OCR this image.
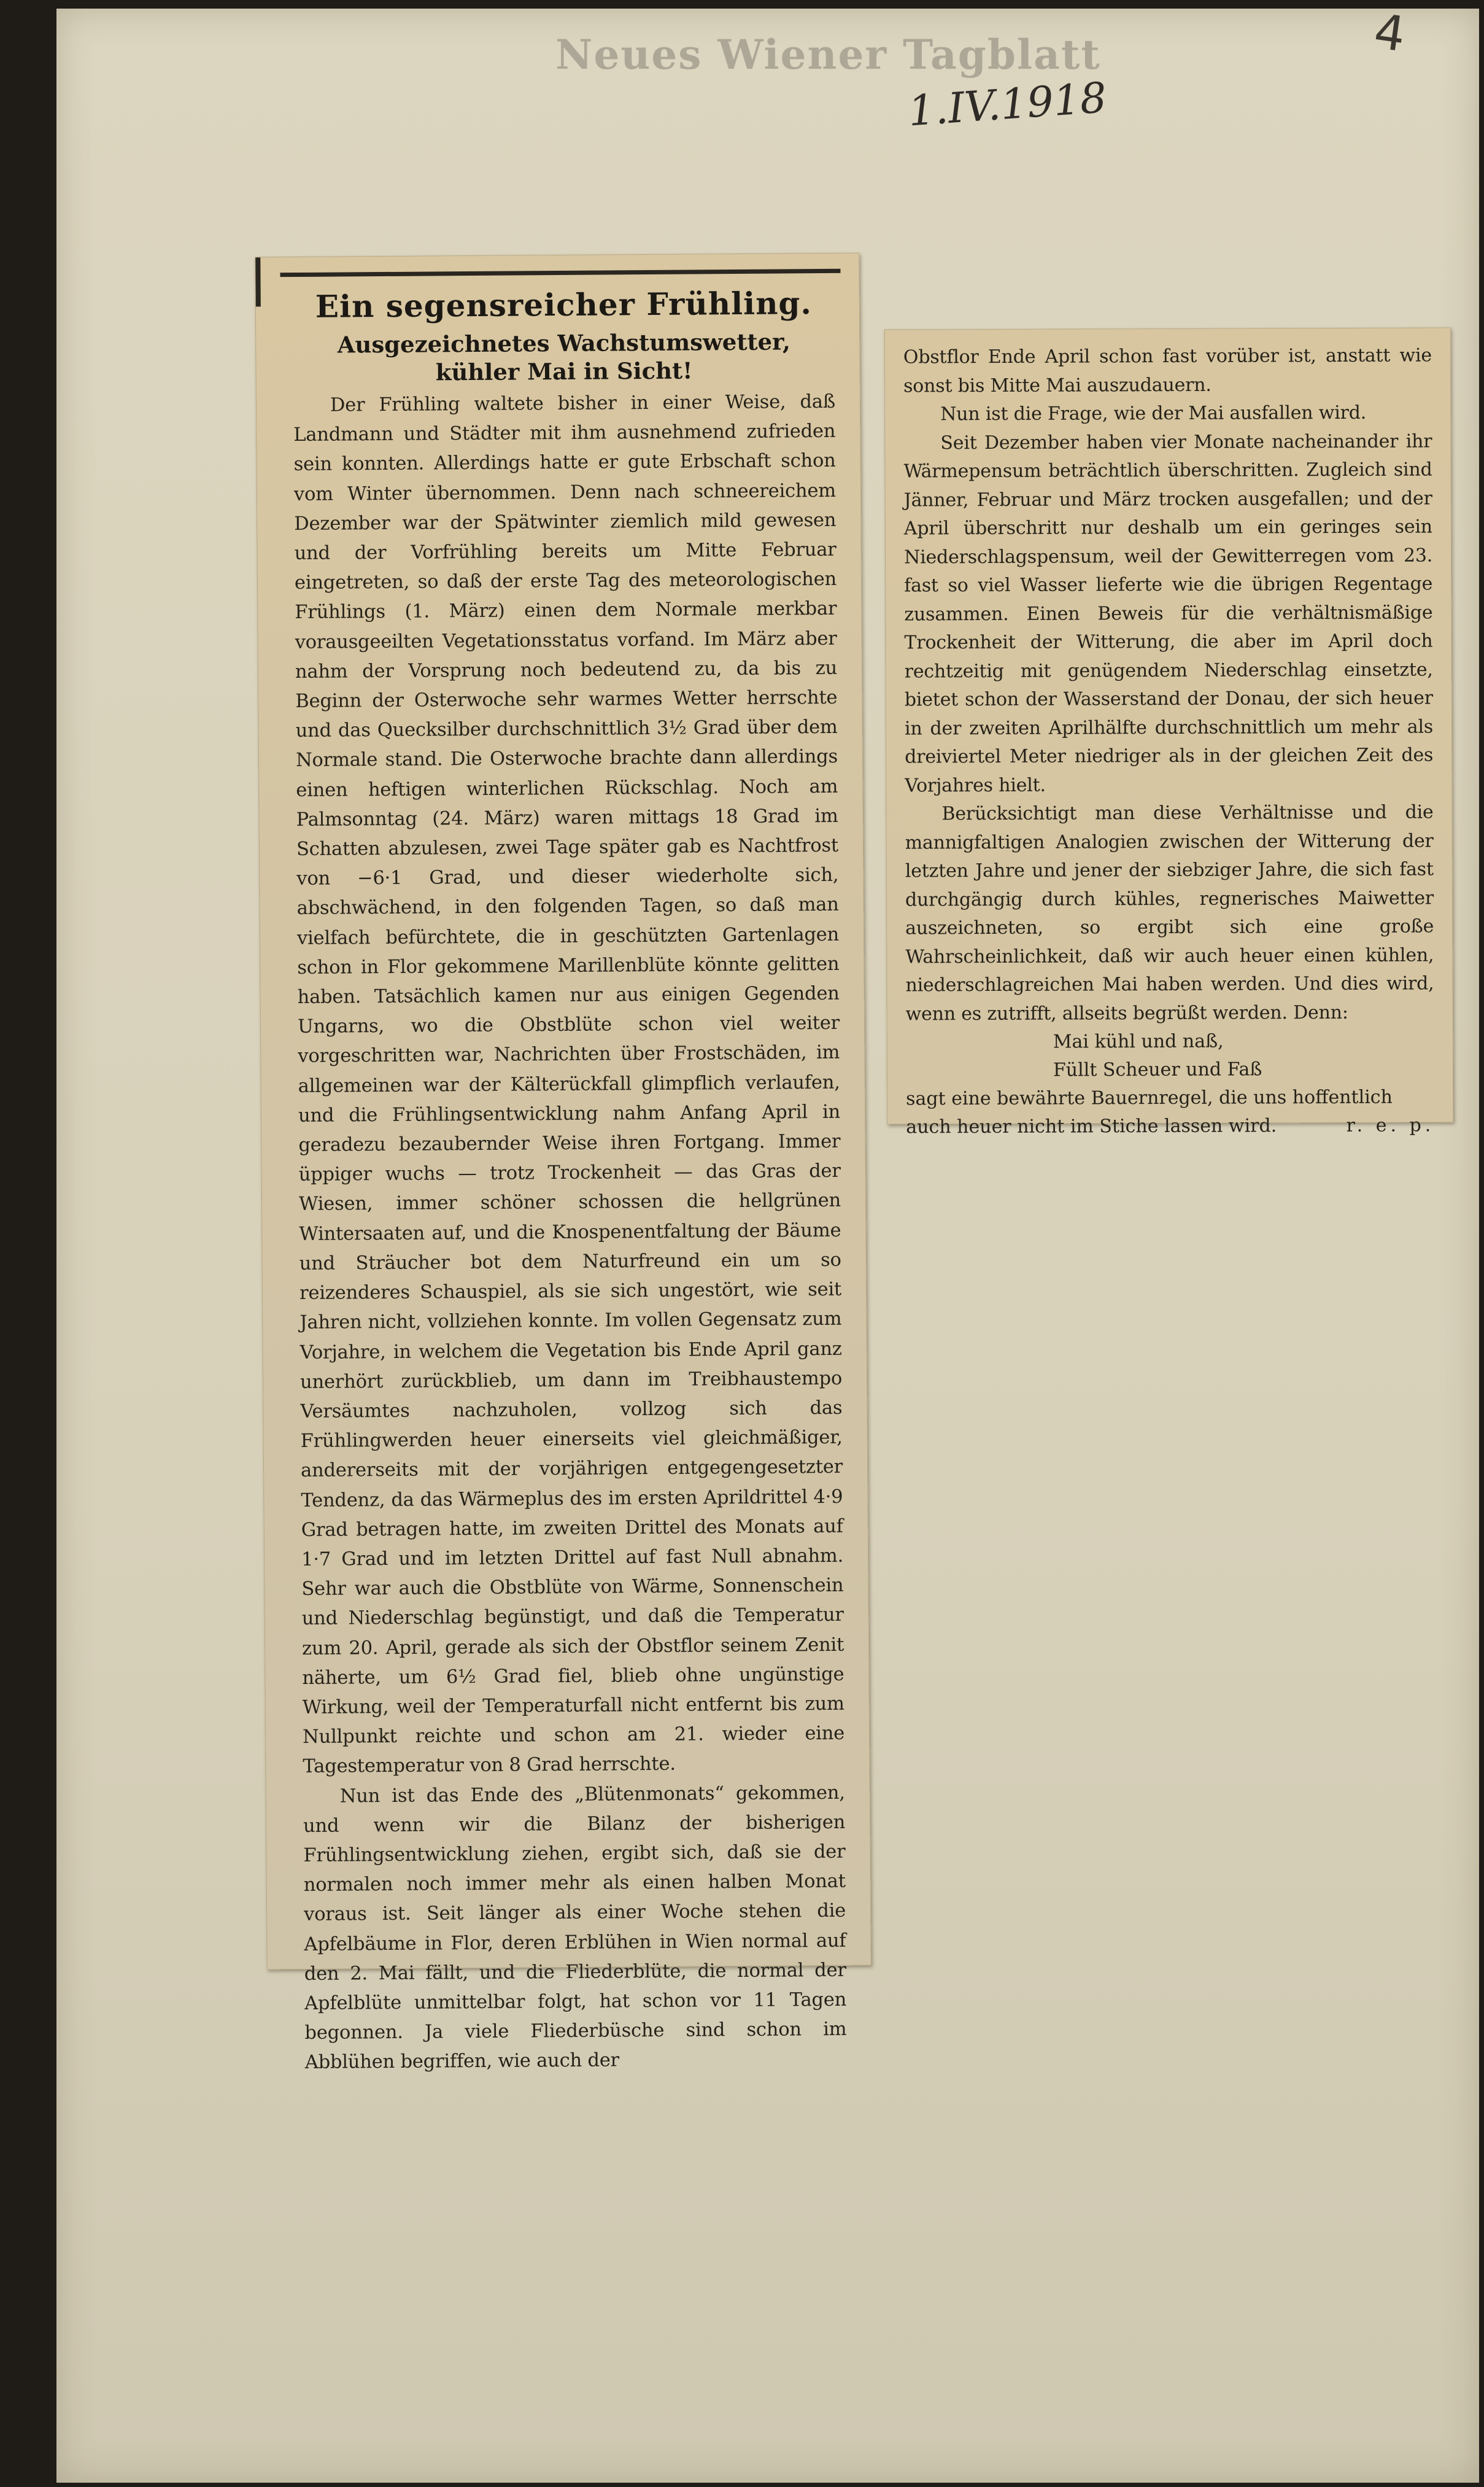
Neues Wiener Tagblatt
1.IV.1918
4
Ein segensreicher Frühling.
Ausgezeichnetes Wachstumswetter, kühler Mai in Sicht!

Der Frühling waltete bisher in einer Weise, daß Landmann und Städter mit ihm ausnehmend zufrieden sein konnten. Allerdings hatte er gute Erbschaft schon vom Winter übernommen. Denn nach schneereichem Dezember war der Spätwinter ziemlich mild gewesen und der Vorfrühling bereits um Mitte Februar eingetreten, so daß der erste Tag des meteorologischen Frühlings (1. März) einen dem Normale merkbar vorausgeeilten Vegetationsstatus vorfand. Im März aber nahm der Vorsprung noch bedeutend zu, da bis zu Beginn der Osterwoche sehr warmes Wetter herrschte und das Quecksilber durchschnittlich 3½ Grad über dem Normale stand. Die Osterwoche brachte dann allerdings einen heftigen winterlichen Rückschlag. Noch am Palmsonntag (24. März) waren mittags 18 Grad im Schatten abzulesen, zwei Tage später gab es Nachtfrost von −6·1 Grad, und dieser wiederholte sich, abschwächend, in den folgenden Tagen, so daß man vielfach befürchtete, die in geschützten Gartenlagen schon in Flor gekommene Marillenblüte könnte gelitten haben. Tatsächlich kamen nur aus einigen Gegenden Ungarns, wo die Obstblüte schon viel weiter vorgeschritten war, Nachrichten über Frostschäden, im allgemeinen war der Kälterückfall glimpflich verlaufen, und die Frühlingsentwicklung nahm Anfang April in geradezu bezaubernder Weise ihren Fortgang. Immer üppiger wuchs — trotz Trockenheit — das Gras der Wiesen, immer schöner schossen die hellgrünen Wintersaaten auf, und die Knospenentfaltung der Bäume und Sträucher bot dem Naturfreund ein um so reizenderes Schauspiel, als sie sich ungestört, wie seit Jahren nicht, vollziehen konnte. Im vollen Gegensatz zum Vorjahre, in welchem die Vegetation bis Ende April ganz unerhört zurückblieb, um dann im Treibhaustempo Versäumtes nachzuholen, vollzog sich das Frühlingwerden heuer einerseits viel gleichmäßiger, andererseits mit der vorjährigen entgegengesetzter Tendenz, da das Wärmeplus des im ersten Aprildrittel 4·9 Grad betragen hatte, im zweiten Drittel des Monats auf 1·7 Grad und im letzten Drittel auf fast Null abnahm. Sehr war auch die Obstblüte von Wärme, Sonnenschein und Niederschlag begünstigt, und daß die Temperatur zum 20. April, gerade als sich der Obstflor seinem Zenit näherte, um 6½ Grad fiel, blieb ohne ungünstige Wirkung, weil der Temperaturfall nicht entfernt bis zum Nullpunkt reichte und schon am 21. wieder eine Tagestemperatur von 8 Grad herrschte.

Nun ist das Ende des „Blütenmonats“ gekommen, und wenn wir die Bilanz der bisherigen Frühlingsentwicklung ziehen, ergibt sich, daß sie der normalen noch immer mehr als einen halben Monat voraus ist. Seit länger als einer Woche stehen die Apfelbäume in Flor, deren Erblühen in Wien normal auf den 2. Mai fällt, und die Fliederblüte, die normal der Apfelblüte unmittelbar folgt, hat schon vor 11 Tagen begonnen. Ja viele Fliederbüsche sind schon im Abblühen begriffen, wie auch der

Obstflor Ende April schon fast vorüber ist, anstatt wie sonst bis Mitte Mai auszudauern.

Nun ist die Frage, wie der Mai ausfallen wird.

Seit Dezember haben vier Monate nacheinander ihr Wärmepensum beträchtlich überschritten. Zugleich sind Jänner, Februar und März trocken ausgefallen; und der April überschritt nur deshalb um ein geringes sein Niederschlagspensum, weil der Gewitterregen vom 23. fast so viel Wasser lieferte wie die übrigen Regentage zusammen. Einen Beweis für die verhältnismäßige Trockenheit der Witterung, die aber im April doch rechtzeitig mit genügendem Niederschlag einsetzte, bietet schon der Wasserstand der Donau, der sich heuer in der zweiten Aprilhälfte durchschnittlich um mehr als dreiviertel Meter niedriger als in der gleichen Zeit des Vorjahres hielt.

Berücksichtigt man diese Verhältnisse und die mannigfaltigen Analogien zwischen der Witterung der letzten Jahre und jener der siebziger Jahre, die sich fast durchgängig durch kühles, regnerisches Maiwetter auszeichneten, so ergibt sich eine große Wahrscheinlichkeit, daß wir auch heuer einen kühlen, niederschlagreichen Mai haben werden. Und dies wird, wenn es zutrifft, allseits begrüßt werden. Denn:

Mai kühl und naß,
Füllt Scheuer und Faß
sagt eine bewährte Bauernregel, die uns hoffentlich
auch heuer nicht im Stiche lassen wird.	r. e. p.
